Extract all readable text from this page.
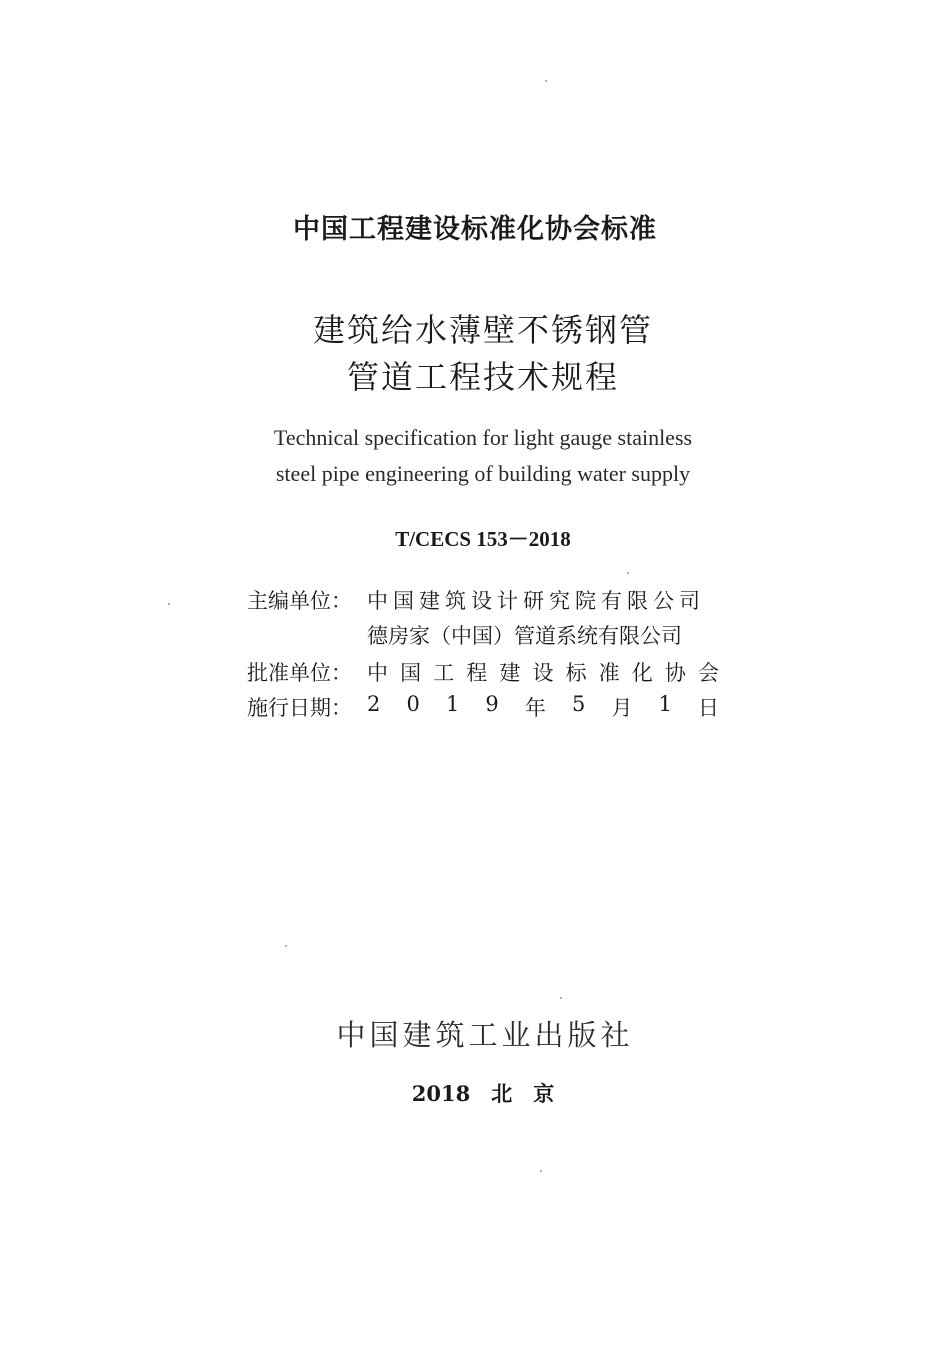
中国工程建设标准化协会标准
建筑给水薄壁不锈钢管
管道工程技术规程
Technical specification for light gauge stainless
steel pipe engineering of building water supply
T/CECS 153－2018
主编单位： 中国建筑设计研究院有限公司
德房家（中国）管道系统有限公司
批准单位： 中 国 工 程 建 设 标 准 化 协 会
施行日期： 2 0 1 9 年 5 月 1 日
中国建筑工业出版社
2018　北　京
